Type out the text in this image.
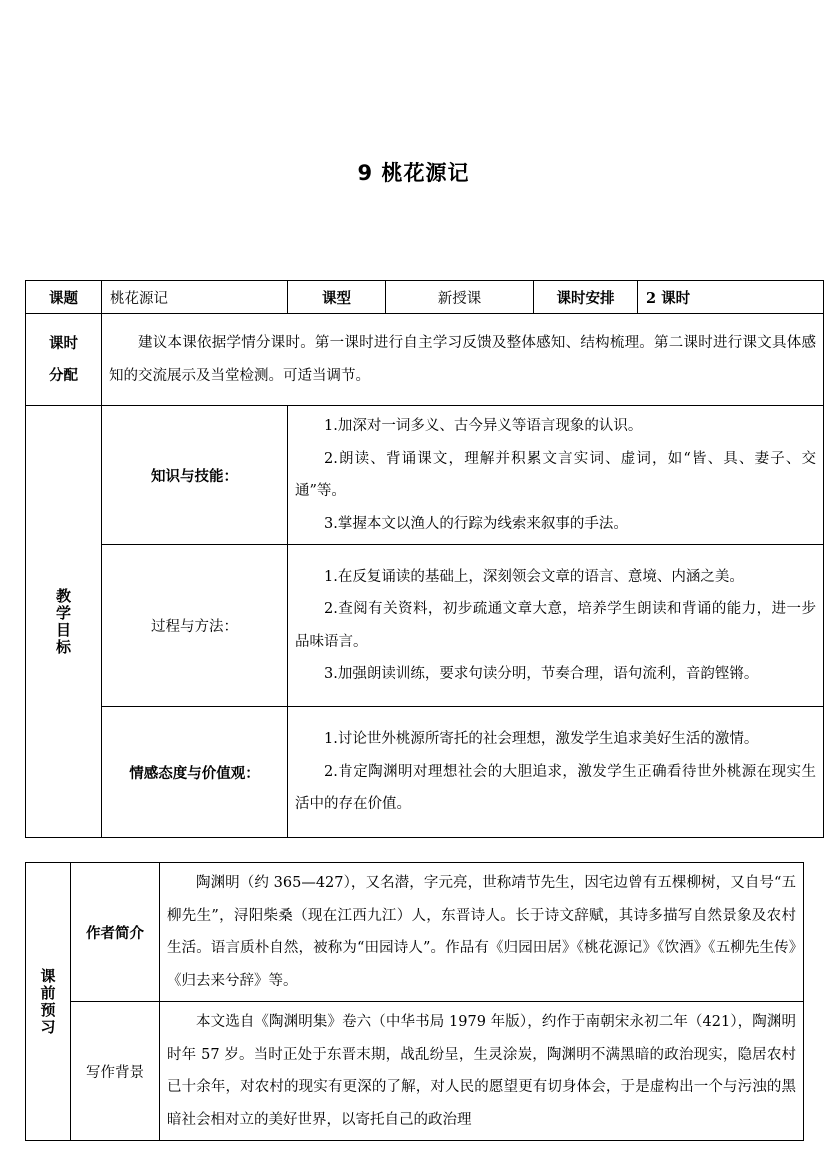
9 桃花源记
课题	桃花源记	课型	新授课	课时安排	2 课时

课时
分配	建议本课依据学情分课时。第一课时进行自主学习反馈及整体感知、结构梳理。第二课时进行课文具体感知的交流展示及当堂检测。可适当调节。				

教学目标	知识与技能：	1.加深对一词多义、古今异义等语言现象的认识。

2.朗读、背诵课文，理解并积累文言实词、虚词，如“皆、具、妻子、交通”等。

3.掌握本文以渔人的行踪为线索来叙事的手法。			

	过程与方法：	1.在反复诵读的基础上，深刻领会文章的语言、意境、内涵之美。

2.查阅有关资料，初步疏通文章大意，培养学生朗读和背诵的能力，进一步品味语言。

3.加强朗读训练，要求句读分明，节奏合理，语句流利，音韵铿锵。			

	情感态度与价值观：	1.讨论世外桃源所寄托的社会理想，激发学生追求美好生活的激情。

2.肯定陶渊明对理想社会的大胆追求，激发学生正确看待世外桃源在现实生活中的存在价值。			

课前预习	作者简介	陶渊明（约 365—427），又名潜，字元亮，世称靖节先生，因宅边曾有五棵柳树，又自号“五柳先生”，浔阳柴桑（现在江西九江）人，东晋诗人。长于诗文辞赋，其诗多描写自然景象及农村生活。语言质朴自然，被称为“田园诗人”。作品有《归园田居》《桃花源记》《饮酒》《五柳先生传》《归去来兮辞》等。

	写作背景	本文选自《陶渊明集》卷六（中华书局 1979 年版），约作于南朝宋永初二年（421），陶渊明时年 57 岁。当时正处于东晋末期，战乱纷呈，生灵涂炭，陶渊明不满黑暗的政治现实，隐居农村已十余年，对农村的现实有更深的了解，对人民的愿望更有切身体会，于是虚构出一个与污浊的黑暗社会相对立的美好世界，以寄托自己的政治理
